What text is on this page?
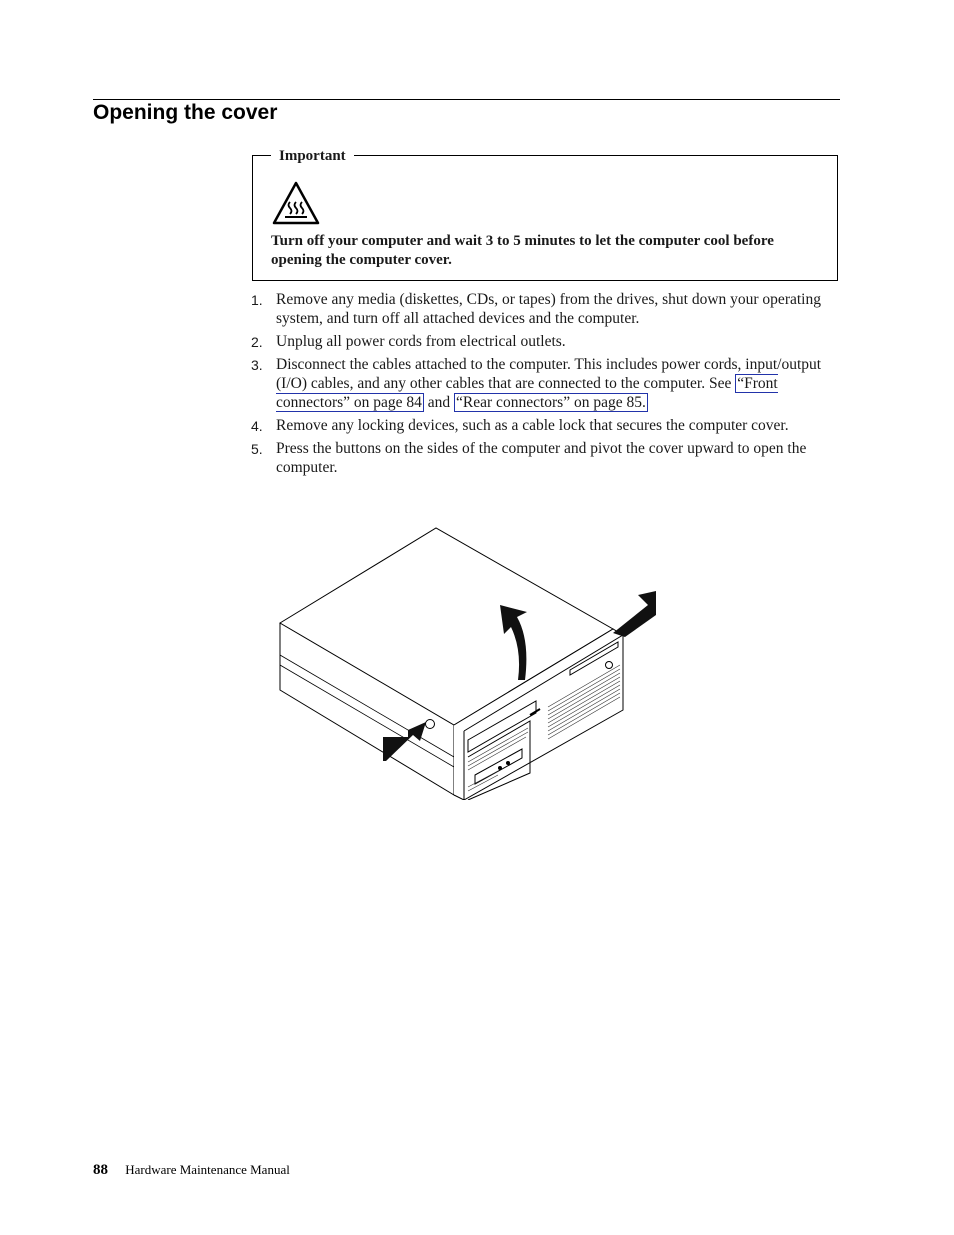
Opening the cover
Important
Turn off your computer and wait 3 to 5 minutes to let the computer cool before opening the computer cover.
1. Remove any media (diskettes, CDs, or tapes) from the drives, shut down your operating system, and turn off all attached devices and the computer.
2. Unplug all power cords from electrical outlets.
3. Disconnect the cables attached to the computer. This includes power cords, input/output (I/O) cables, and any other cables that are connected to the computer. See “Front connectors” on page 84 and “Rear connectors” on page 85.
4. Remove any locking devices, such as a cable lock that secures the computer cover.
5. Press the buttons on the sides of the computer and pivot the cover upward to open the computer.
88 Hardware Maintenance Manual
